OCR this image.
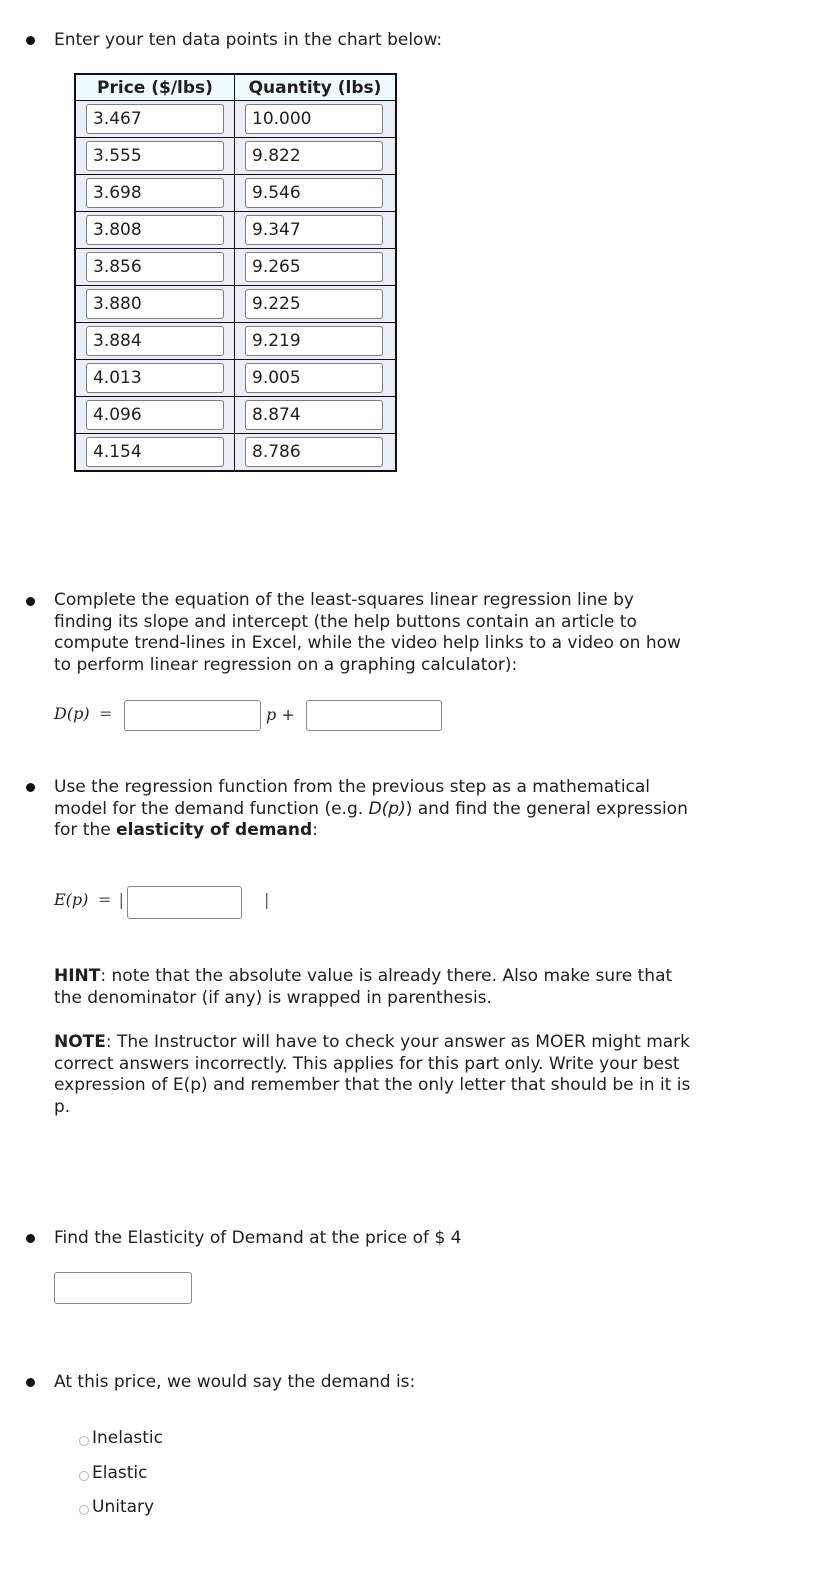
Enter your ten data points in the chart below:
Price ($/lbs)	Quantity (lbs)

3.467	10.000

3.555	9.822

3.698	9.546

3.808	9.347

3.856	9.265

3.880	9.225

3.884	9.219

4.013	9.005

4.096	8.874

4.154	8.786
Complete the equation of the least-squares linear regression line by
finding its slope and intercept (the help buttons contain an article to
compute trend-lines in Excel, while the video help links to a video on how
to perform linear regression on a graphing calculator):
D(p) =	p +
Use the regression function from the previous step as a mathematical
model for the demand function (e.g. D(p)) and find the general expression
for the elasticity of demand:
E(p) = |	|
HINT: note that the absolute value is already there. Also make sure that
the denominator (if any) is wrapped in parenthesis.
NOTE: The Instructor will have to check your answer as MOER might mark
correct answers incorrectly. This applies for this part only. Write your best
expression of E(p) and remember that the only letter that should be in it is
p.
Find the Elasticity of Demand at the price of $ 4
At this price, we would say the demand is:
Inelastic
Elastic
Unitary
